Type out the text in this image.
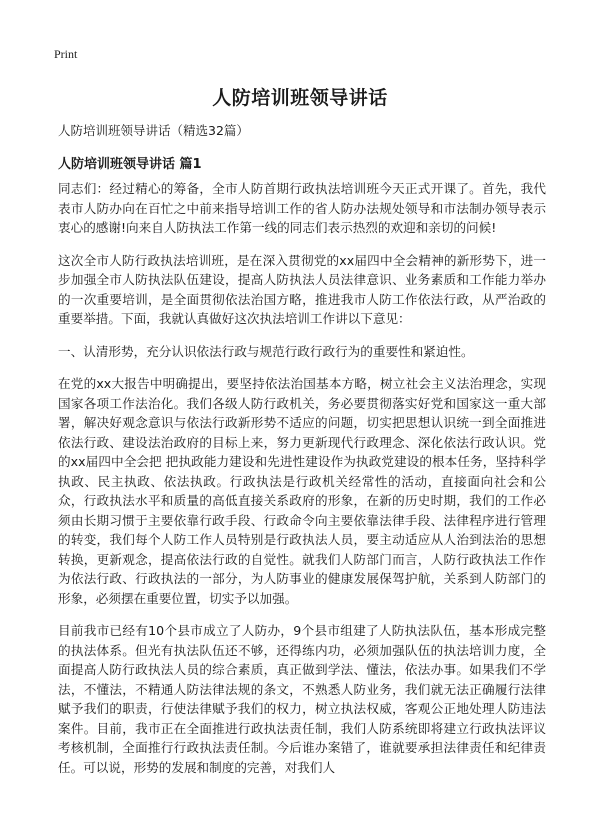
Print
人防培训班领导讲话

人防培训班领导讲话（精选32篇）

人防培训班领导讲话 篇1

同志们：经过精心的筹备，全市人防首期行政执法培训班今天正式开课了。首先，我代表市人防办向在百忙之中前来指导培训工作的省人防办法规处领导和市法制办领导表示衷心的感谢!向来自人防执法工作第一线的同志们表示热烈的欢迎和亲切的问候!

这次全市人防行政执法培训班，是在深入贯彻党的xx届四中全会精神的新形势下，进一步加强全市人防执法队伍建设，提高人防执法人员法律意识、业务素质和工作能力举办的一次重要培训，是全面贯彻依法治国方略，推进我市人防工作依法行政，从严治政的重要举措。下面，我就认真做好这次执法培训工作讲以下意见：

一、认清形势，充分认识依法行政与规范行政行政行为的重要性和紧迫性。

在党的xx大报告中明确提出，要坚持依法治国基本方略，树立社会主义法治理念，实现国家各项工作法治化。我们各级人防行政机关，务必要贯彻落实好党和国家这一重大部署，解决好观念意识与依法行政新形势不适应的问题，切实把思想认识统一到全面推进依法行政、建设法治政府的目标上来，努力更新现代行政理念、深化依法行政认识。党的xx届四中全会把 把执政能力建设和先进性建设作为执政党建设的根本任务，坚持科学执政、民主执政、依法执政。行政执法是行政机关经常性的活动，直接面向社会和公众，行政执法水平和质量的高低直接关系政府的形象，在新的历史时期，我们的工作必须由长期习惯于主要依靠行政手段、行政命令向主要依靠法律手段、法律程序进行管理的转变，我们每个人防工作人员特别是行政执法人员，要主动适应从人治到法治的思想转换，更新观念，提高依法行政的自觉性。就我们人防部门而言，人防行政执法工作作为依法行政、行政执法的一部分，为人防事业的健康发展保驾护航，关系到人防部门的形象，必须摆在重要位置，切实予以加强。

目前我市已经有10个县市成立了人防办，9个县市组建了人防执法队伍，基本形成完整的执法体系。但光有执法队伍还不够，还得练内功，必须加强队伍的执法培训力度，全面提高人防行政执法人员的综合素质，真正做到学法、懂法，依法办事。如果我们不学法，不懂法，不精通人防法律法规的条文，不熟悉人防业务，我们就无法正确履行法律赋予我们的职责，行使法律赋予我们的权力，树立执法权威，客观公正地处理人防违法案件。目前，我市正在全面推进行政执法责任制，我们人防系统即将建立行政执法评议考核机制，全面推行行政执法责任制。今后谁办案错了，谁就要承担法律责任和纪律责任。可以说，形势的发展和制度的完善，对我们人
